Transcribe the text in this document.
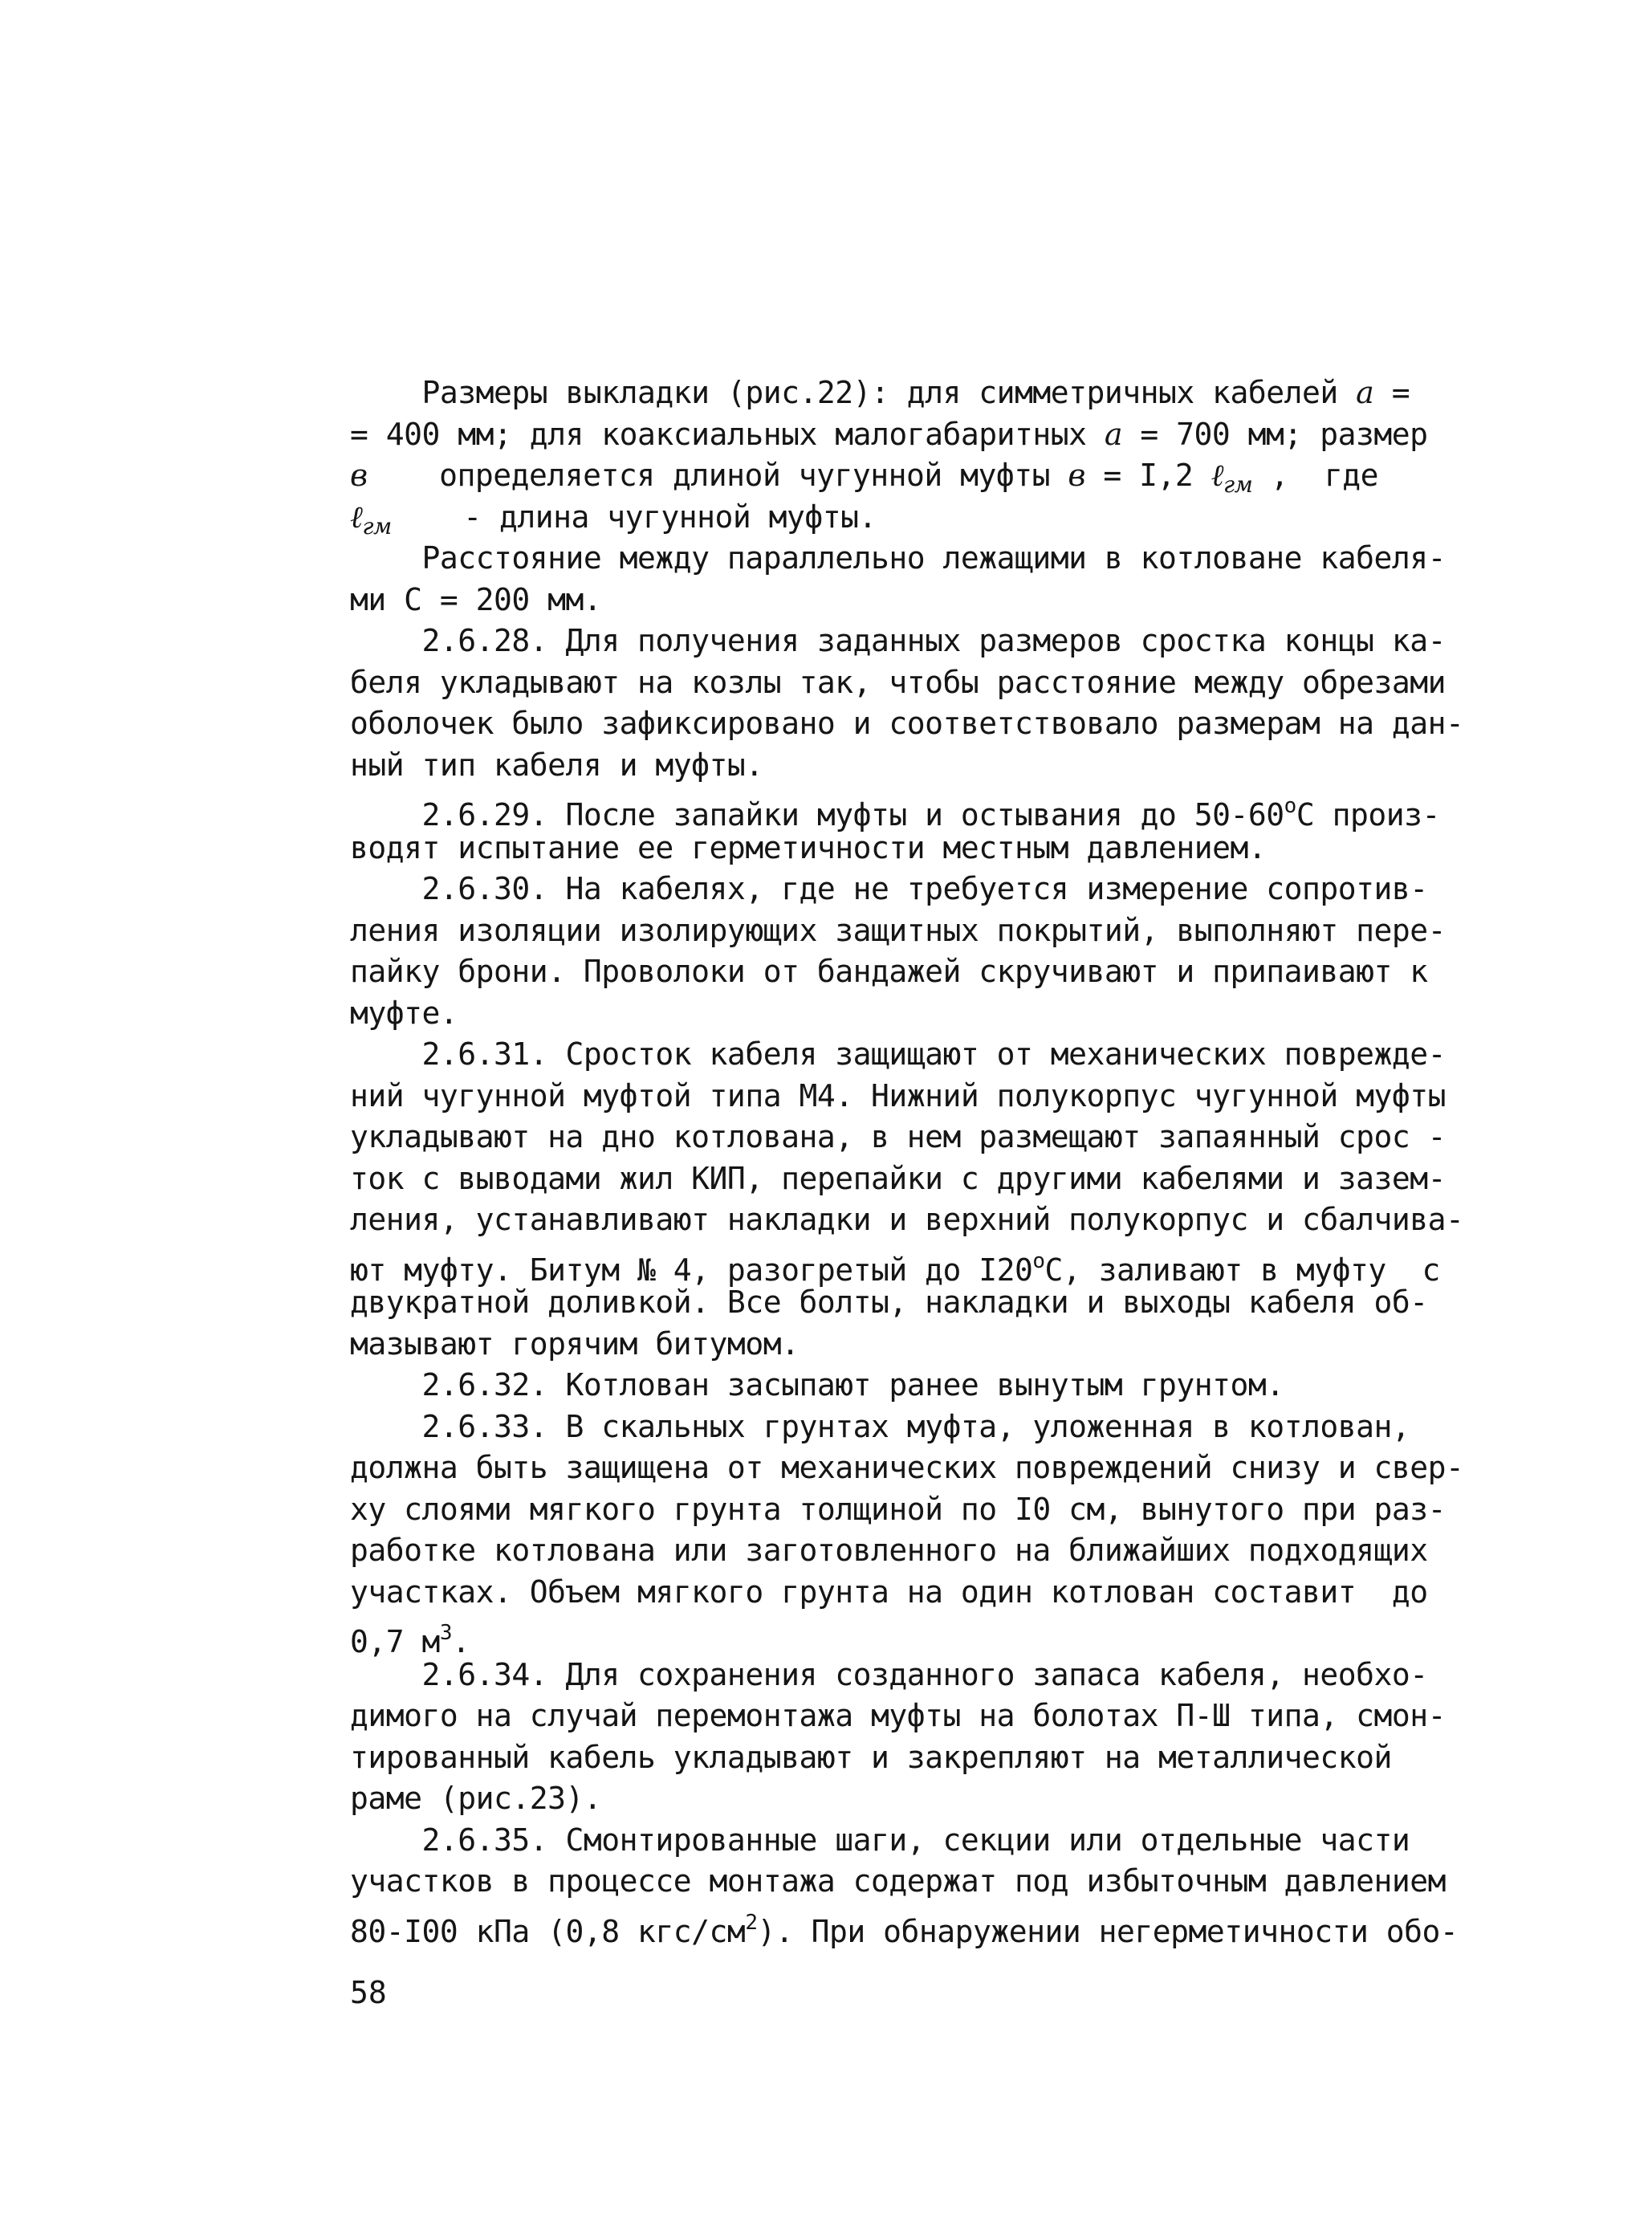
Размеры выкладки (рис.22): для симметричных кабелей a =
= 400 мм; для коаксиальных малогабаритных a = 700 мм; размер
в    определяется длиной чугунной муфты в = I,2 ℓ$_{гм}$ ,  где
ℓ$_{гм}$    - длина чугунной муфты.
Расстояние между параллельно лежащими в котловане кабеля-
ми С = 200 мм.
2.6.28. Для получения заданных размеров сростка концы ка-
беля укладывают на козлы так, чтобы расстояние между обрезами
оболочек было зафиксировано и соответствовало размерам на дан-
ный тип кабеля и муфты.
2.6.29. После запайки муфты и остывания до $50-60^оС$ произ-
водят испытание ее герметичности местным давлением.
2.6.30. На кабелях, где не требуется измерение сопротив-
ления изоляции изолирующих защитных покрытий, выполняют пере-
пайку брони. Проволоки от бандажей скручивают и припаивают к
муфте.
2.6.31. Сросток кабеля защищают от механических поврежде-
ний чугунной муфтой типа М4. Нижний полукорпус чугунной муфты
укладывают на дно котлована, в нем размещают запаянный срос -
ток с выводами жил КИП, перепайки с другими кабелями и зазем-
ления, устанавливают накладки и верхний полукорпус и сбалчива-
ют муфту. Битум № 4, разогретый до $I20^оС$, заливают в муфту  с
двукратной доливкой. Все болты, накладки и выходы кабеля об-
мазывают горячим битумом.
2.6.32. Котлован засыпают ранее вынутым грунтом.
2.6.33. В скальных грунтах муфта, уложенная в котлован,
должна быть защищена от механических повреждений снизу и свер-
ху слоями мягкого грунта толщиной по I0 см, вынутого при раз-
работке котлована или заготовленного на ближайших подходящих
участках. Объем мягкого грунта на один котлован составит  до
0,7 $м^3$.
2.6.34. Для сохранения созданного запаса кабеля, необхо-
димого на случай перемонтажа муфты на болотах П-Ш типа, смон-
тированный кабель укладывают и закрепляют на металлической
раме (рис.23).
2.6.35. Смонтированные шаги, секции или отдельные части
участков в процессе монтажа содержат под избыточным давлением
80-I00 кПа (0,8 кгс/$см^2$). При обнаружении негерметичности обо-
58
